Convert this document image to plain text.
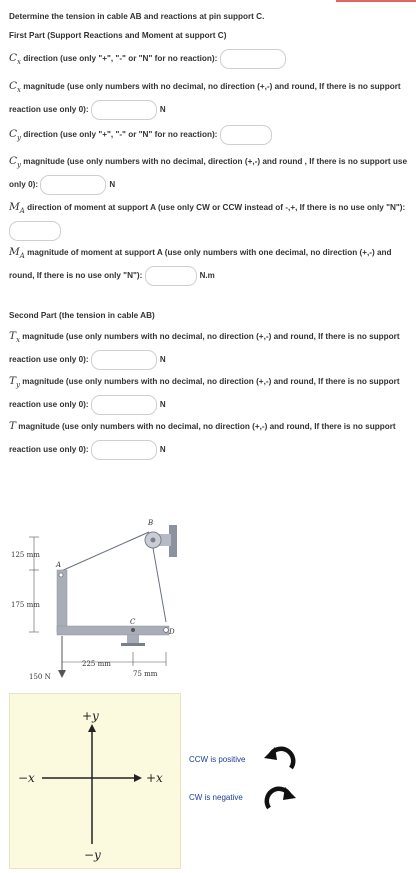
Determine the tension in cable AB and reactions at pin support C.
First Part (Support Reactions and Moment at support C)
$C_x$ direction (use only "+", "-" or "N" for no reaction):
$C_x$ magnitude (use only numbers with no decimal, no direction (+,-) and round, If there is no support reaction use only 0):	N
$C_y$ direction (use only "+", "-" or "N" for no reaction):
$C_y$ magnitude (use only numbers with no decimal, direction (+,-) and round , If there is no support use only 0):	N
$M_A$ direction of moment at support A (use only CW or CCW instead of -,+, If there is no use only "N"):
$M_A$ magnitude of moment at support A (use only numbers with one decimal, no direction (+,-) and round, If there is no use only "N"):	N.m
Second Part (the tension in cable AB)
$T_x$ magnitude (use only numbers with no decimal, no direction (+,-) and round, If there is no support reaction use only 0):	N
$T_y$ magnitude (use only numbers with no decimal, no direction (+,-) and round, If there is no support reaction use only 0):	N
T magnitude (use only numbers with no decimal, no direction (+,-) and round, If there is no support reaction use only 0):	N
B
A
C
D
125 mm
175 mm
225 mm
75 mm
150 N
+y
−y
+x
−x
CCW is positive
CW is negative
